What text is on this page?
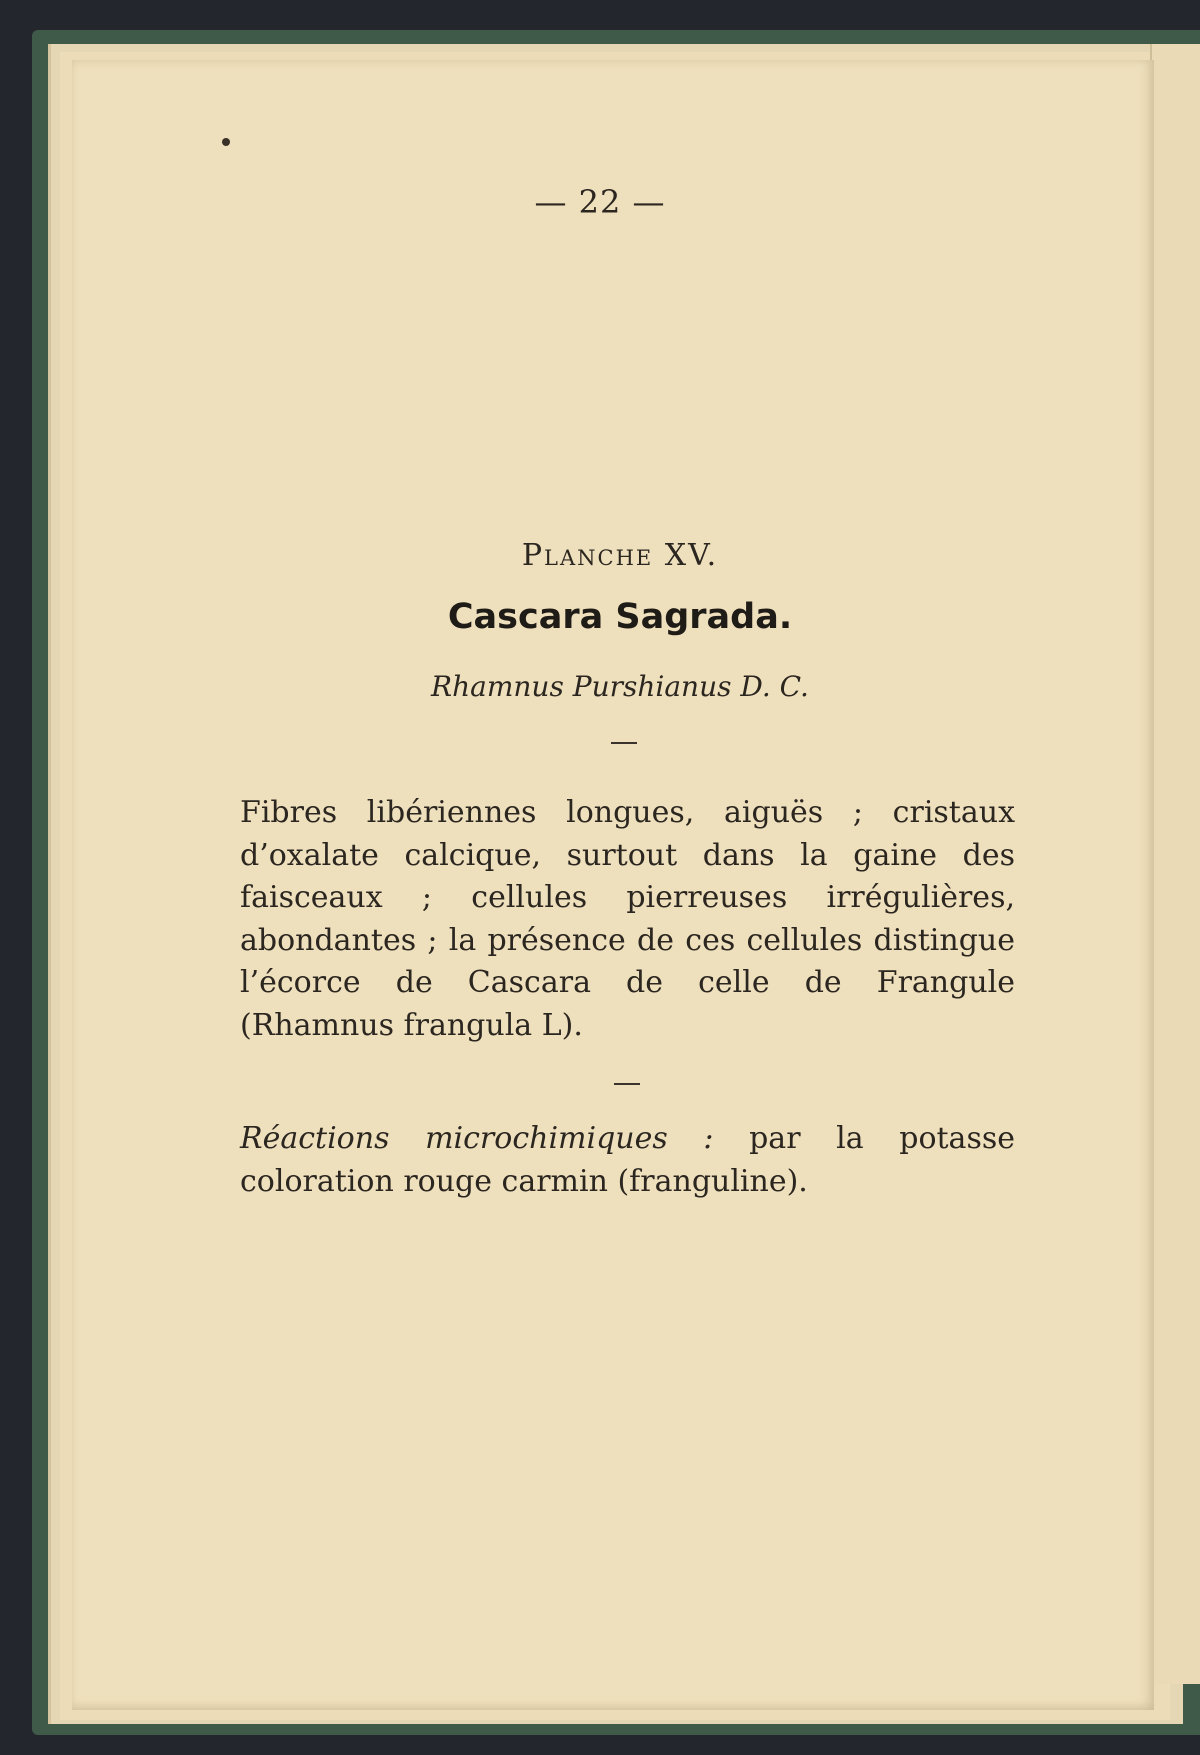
— 22 —
Planche XV.
Cascara Sagrada.
Rhamnus Purshianus D. C.
Fibres libériennes longues, aiguës ; cristaux d’oxalate calcique, surtout dans la gaine des faisceaux ; cellules pierreuses irrégulières, abondantes ; la présence de ces cellules distingue l’écorce de Cascara de celle de Frangule (Rhamnus frangula L).
Réactions microchimiques : par la potasse coloration rouge carmin (franguline).
